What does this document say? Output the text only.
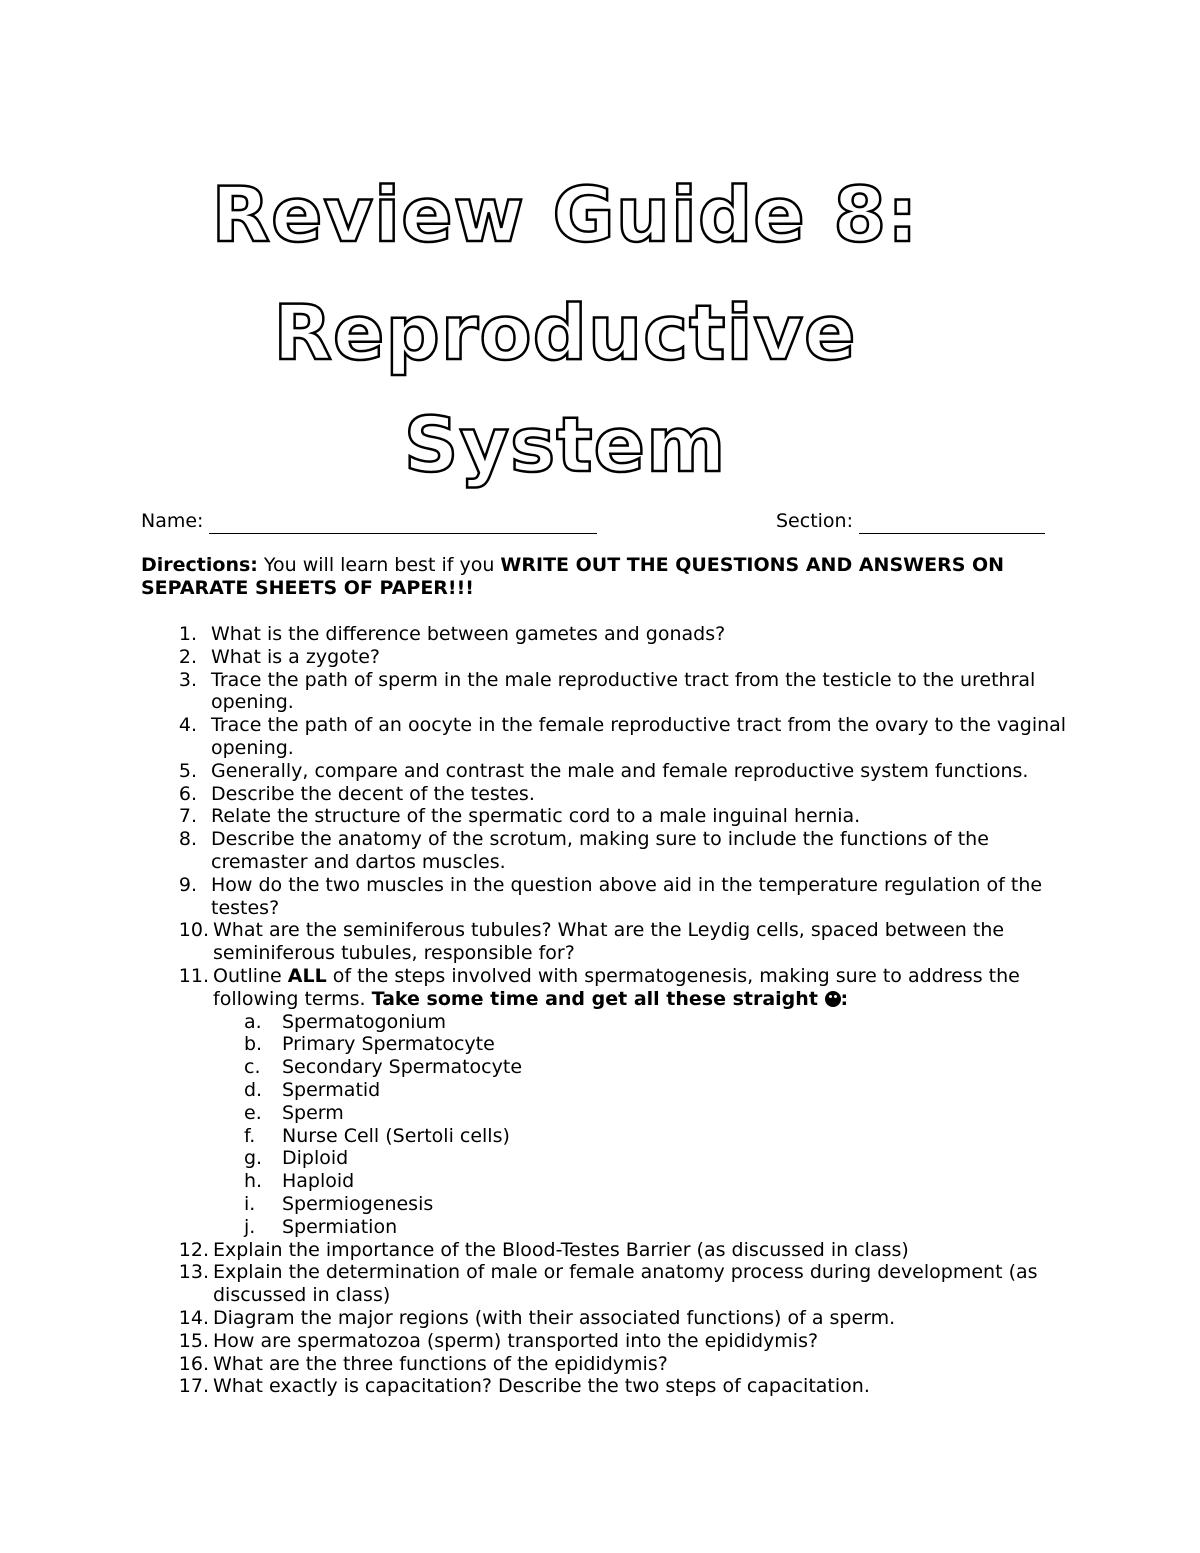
Review Guide 8:
Reproductive
System
Name:	Section:
Directions: You will learn best if you WRITE OUT THE QUESTIONS AND ANSWERS ON SEPARATE SHEETS OF PAPER!!!
1. What is the difference between gametes and gonads?
2. What is a zygote?
3. Trace the path of sperm in the male reproductive tract from the testicle to the urethral opening.
4. Trace the path of an oocyte in the female reproductive tract from the ovary to the vaginal opening.
5. Generally, compare and contrast the male and female reproductive system functions.
6. Describe the decent of the testes.
7. Relate the structure of the spermatic cord to a male inguinal hernia.
8. Describe the anatomy of the scrotum, making sure to include the functions of the cremaster and dartos muscles.
9. How do the two muscles in the question above aid in the temperature regulation of the testes?
10. What are the seminiferous tubules? What are the Leydig cells, spaced between the seminiferous tubules, responsible for?
11. Outline ALL of the steps involved with spermatogenesis, making sure to address the following terms. Take some time and get all these straight :
a.	Spermatogonium
b.	Primary Spermatocyte
c.	Secondary Spermatocyte
d.	Spermatid
e.	Sperm
f.	Nurse Cell (Sertoli cells)
g.	Diploid
h.	Haploid
i.	Spermiogenesis
j.	Spermiation
12. Explain the importance of the Blood-Testes Barrier (as discussed in class)
13. Explain the determination of male or female anatomy process during development (as discussed in class)
14. Diagram the major regions (with their associated functions) of a sperm.
15. How are spermatozoa (sperm) transported into the epididymis?
16. What are the three functions of the epididymis?
17. What exactly is capacitation? Describe the two steps of capacitation.
